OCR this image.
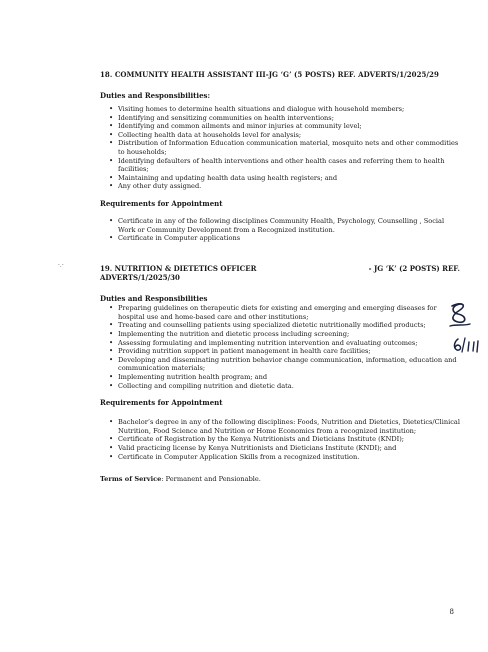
18. COMMUNITY HEALTH ASSISTANT III-JG ‘G’ (5 POSTS) REF. ADVERTS/1/2025/29
Duties and Responsibilities:
• Visiting homes to determine health situations and dialogue with household members;
• Identifying and sensitizing communities on health interventions;
• Identifying and common ailments and minor injuries at community level;
• Collecting health data at households level for analysis;
• Distribution of Information Education communication material, mosquito nets and other commodities to households;
• Identifying defaulters of health interventions and other health cases and referring them to health facilities;
• Maintaining and updating health data using health registers; and
• Any other duty assigned.
Requirements for Appointment
• Certificate in any of the following disciplines Community Health, Psychology, Counselling , Social Work or Community Development from a Recognized institution.
• Certificate in Computer applications
19. NUTRITION & DIETETICS OFFICER	- JG ‘K’ (2 POSTS) REF.
ADVERTS/1/2025/30
Duties and Responsibilities
• Preparing guidelines on therapeutic diets for existing and emerging and emerging diseases for hospital use and home-based care and other institutions;
• Treating and counselling patients using specialized dietetic nutritionally modified products;
• Implementing the nutrition and dietetic process including screening;
• Assessing formulating and implementing nutrition intervention and evaluating outcomes;
• Providing nutrition support in patient management in health care facilities;
• Developing and disseminating nutrition behavior change communication, information, education and communication materials;
• Implementing nutrition health program; and
• Collecting and compiling nutrition and dietetic data.
Requirements for Appointment
• Bachelor’s degree in any of the following disciplines: Foods, Nutrition and Dietetics, Dietetics/Clinical Nutrition, Food Science and Nutrition or Home Economics from a recognized institution;
• Certificate of Registration by the Kenya Nutritionists and Dieticians Institute (KNDI);
• Valid practicing license by Kenya Nutritionists and Dieticians Institute (KNDI); and
• Certificate in Computer Application Skills from a recognized institution.
Terms of Service: Permanent and Pensionable.
·.·
8
